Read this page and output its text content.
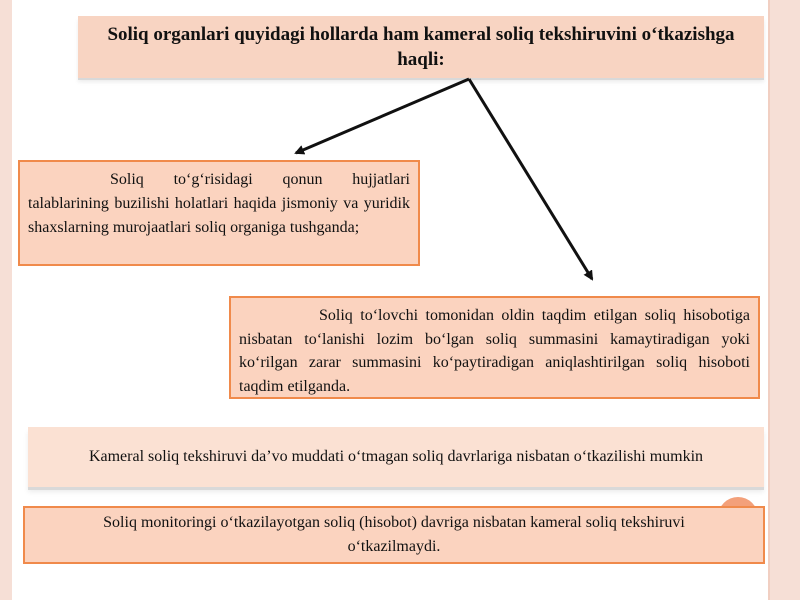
Soliq organlari quyidagi hollarda ham kameral soliq tekshiruvini o‘tkazishga haqli:
Soliq to‘g‘risidagi qonun hujjatlari talablarining buzilishi holatlari haqida jismoniy va yuridik shaxslarning murojaatlari soliq organiga tushganda;
Soliq to‘lovchi tomonidan oldin taqdim etilgan soliq hisobotiga nisbatan to‘lanishi lozim bo‘lgan soliq summasini kamaytiradigan yoki ko‘rilgan zarar summasini ko‘paytiradigan aniqlashtirilgan soliq hisoboti taqdim etilganda.
Kameral soliq tekshiruvi da’vo muddati o‘tmagan soliq davrlariga nisbatan o‘tkazilishi mumkin
Soliq monitoringi o‘tkazilayotgan soliq (hisobot) davriga nisbatan kameral soliq tekshiruvi o‘tkazilmaydi.
